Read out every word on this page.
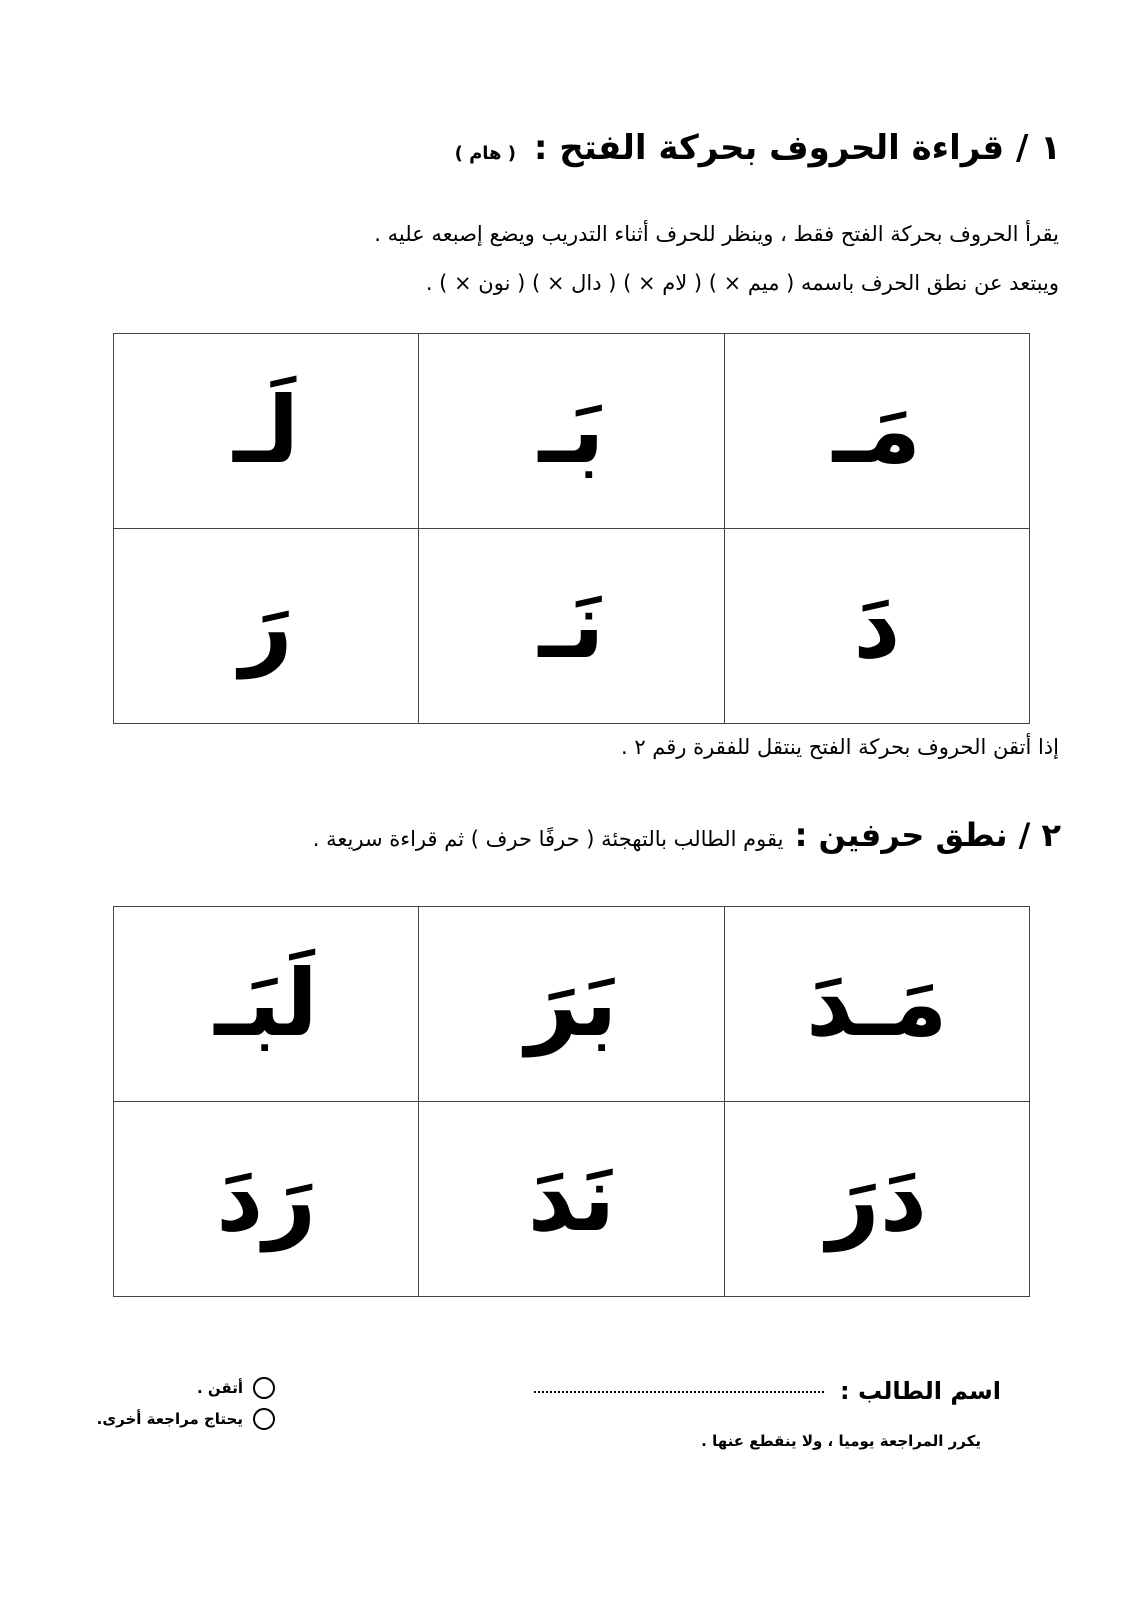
١ / قراءة الحروف بحركة الفتح : ( هام )
يقرأ الحروف بحركة الفتح فقط ، وينظر للحرف أثناء التدريب ويضع إصبعه عليه .
ويبتعد عن نطق الحرف باسمه ( ميم × ) ( لام × ) ( دال × ) ( نون × ) .
مَـ	بَـ	لَـ
دَ	نَـ	رَ
إذا أتقن الحروف بحركة الفتح ينتقل للفقرة رقم ٢ .
٢ / نطق حرفين : يقوم الطالب بالتهجئة ( حرفًا حرف ) ثم قراءة سريعة .
مَـدَ	بَرَ	لَبَـ
دَرَ	نَدَ	رَدَ
اسم الطالب :
يكرر المراجعة يوميا ، ولا ينقطع عنها .
أتقن .
يحتاج مراجعة أخرى.
